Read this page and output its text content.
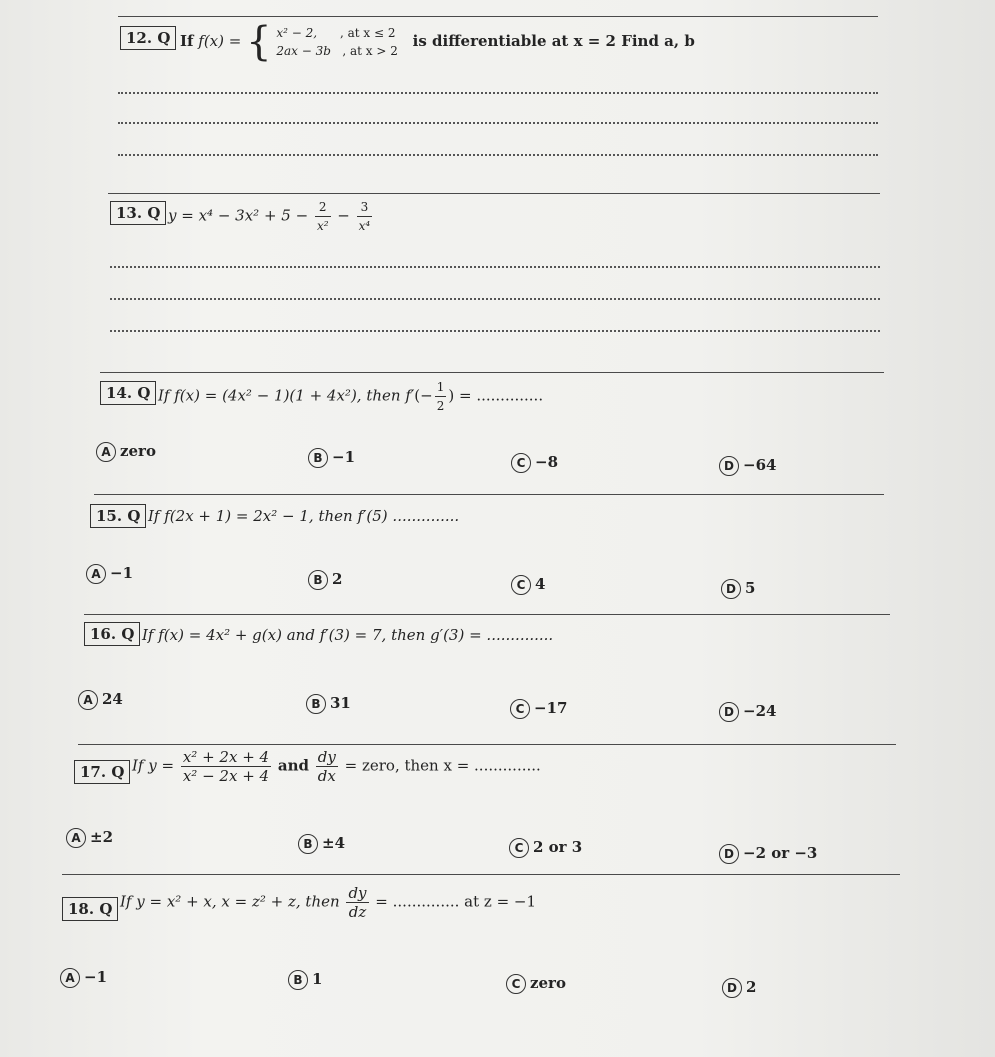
12. Q If f(x) = { x² − 2, , at x ≤ 2
2ax − 3b , at x > 2
is differentiable at x = 2 Find a, b
13. Q $y = x^4 - 3x^2 + 5 - \frac{2}{\text{x²}} - \frac{3}{\text{x⁴}}$
14. Q If f(x) = (4x² − 1)(1 + 4x²), then $f'(- \frac{1}{2}$ ) = ..............
A zero	B −1	C −8	D −64
15. Q If f(2x + 1) = 2x² − 1, then f′(5) ..............
A −1	B 2	C 4	D 5
16. Q If f(x) = 4x² + g(x) and f′(3) = 7, then g′(3) = ..............
A 24	B 31	C −17	D −24
17. Q If $y = \frac{\text{x² + 2x + 4}}{\text{x² − 2x + 4}}$ and $\frac{dy}{dx}$ = zero, then x = ..............
A ±2	B ±4	C 2 or 3	D −2 or −3
18. Q If y = x² + x, x = z² + z, then $\frac{dy}{dz}$ = .............. at z = −1
A −1	B 1	C zero	D 2
